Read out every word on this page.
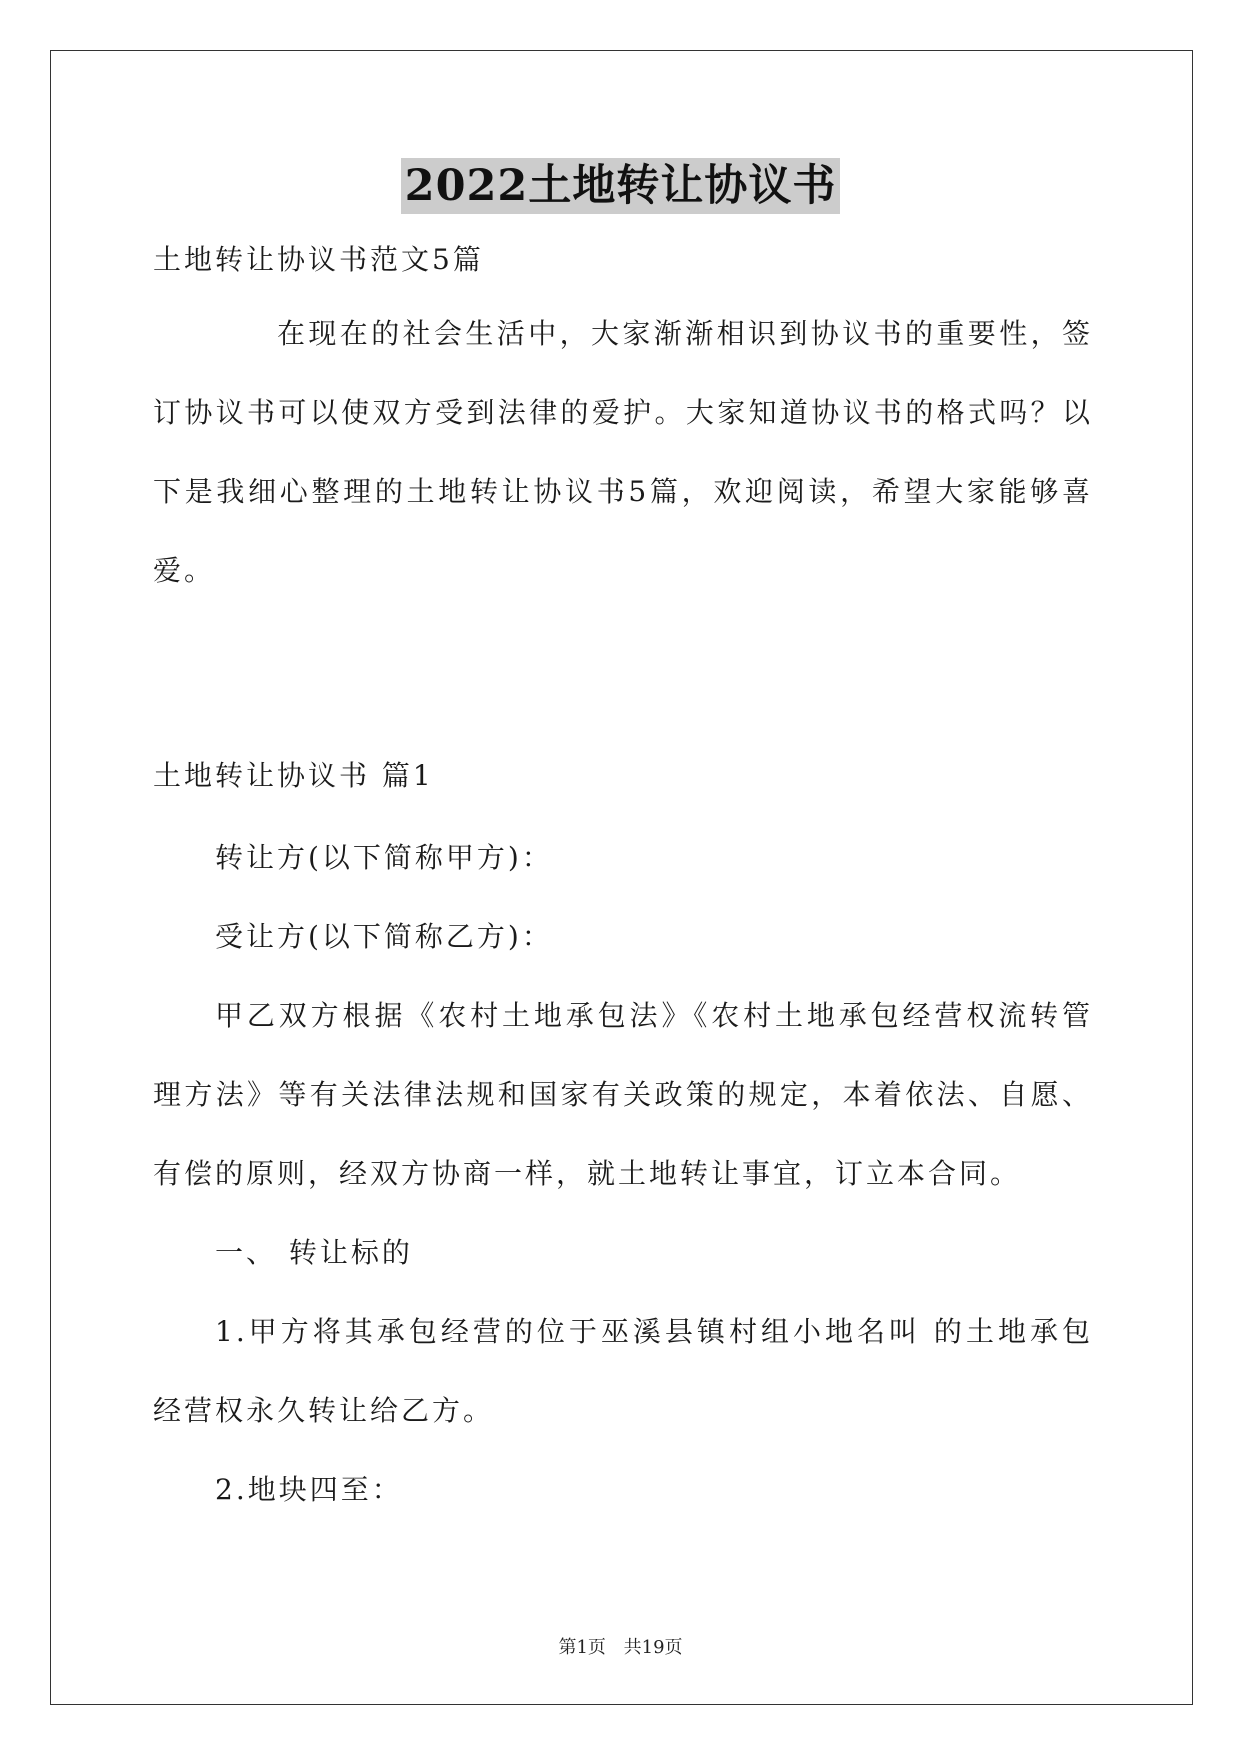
2022土地转让协议书
土地转让协议书范文5篇
在现在的社会生活中，大家渐渐相识到协议书的重要性，签订协议书可以使双方受到法律的爱护。大家知道协议书的格式吗？以下是我细心整理的土地转让协议书5篇，欢迎阅读，希望大家能够喜爱。
土地转让协议书 篇1
转让方(以下简称甲方)：
受让方(以下简称乙方)：
甲乙双方根据《农村土地承包法》《农村土地承包经营权流转管理方法》等有关法律法规和国家有关政策的规定，本着依法、自愿、有偿的原则，经双方协商一样，就土地转让事宜，订立本合同。
一、 转让标的
1.甲方将其承包经营的位于巫溪县镇村组小地名叫 的土地承包经营权永久转让给乙方。
2.地块四至：
第1页 共19页
